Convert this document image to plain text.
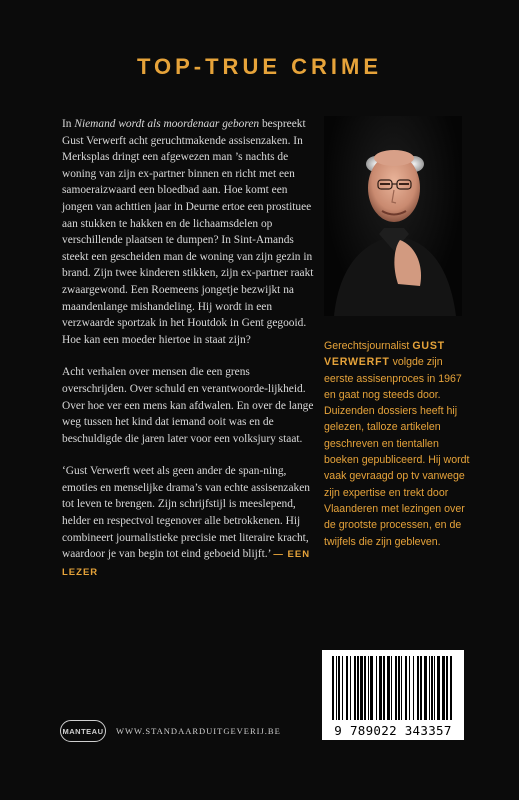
TOP-TRUE CRIME

In Niemand wordt als moordenaar geboren bespreekt Gust Verwerft acht geruchtmakende assisenzaken. In Merksplas dringt een afgewezen man ’s nachts de woning van zijn ex-partner binnen en richt met een samoeraizwaard een bloedbad aan. Hoe komt een jongen van achttien jaar in Deurne ertoe een prostituee aan stukken te hakken en de lichaamsdelen op verschillende plaatsen te dumpen? In Sint-Amands steekt een gescheiden man de woning van zijn gezin in brand. Zijn twee kinderen stikken, zijn ex-partner raakt zwaargewond. Een Roemeens jongetje bezwijkt na maandenlange mishandeling. Hij wordt in een verzwaarde sportzak in het Houtdok in Gent gegooid. Hoe kan een moeder hiertoe in staat zijn?

Acht verhalen over mensen die een grens overschrijden. Over schuld en verantwoorde-lijkheid. Over hoe ver een mens kan afdwalen. En over de lange weg tussen het kind dat iemand ooit was en de beschuldigde die jaren later voor een volksjury staat.

‘Gust Verwerft weet als geen ander de span-ning, emoties en menselijke drama’s van echte assisenzaken tot leven te brengen. Zijn schrijfstijl is meeslepend, helder en respectvol tegenover alle betrokkenen. Hij combineert journalistieke precisie met literaire kracht, waardoor je van begin tot eind geboeid blijft.’ — EEN LEZER

Gerechtsjournalist GUST VERWERFT volgde zijn eerste assisenproces in 1967 en gaat nog steeds door. Duizenden dossiers heeft hij gelezen, talloze artikelen geschreven en tientallen boeken gepubliceerd. Hij wordt vaak gevraagd op tv vanwege zijn expertise en trekt door Vlaanderen met lezingen over de grootste processen, en de twijfels die zijn gebleven.
9 789022 343357
MANTEAU WWW.STANDAARDUITGEVERIJ.BE
